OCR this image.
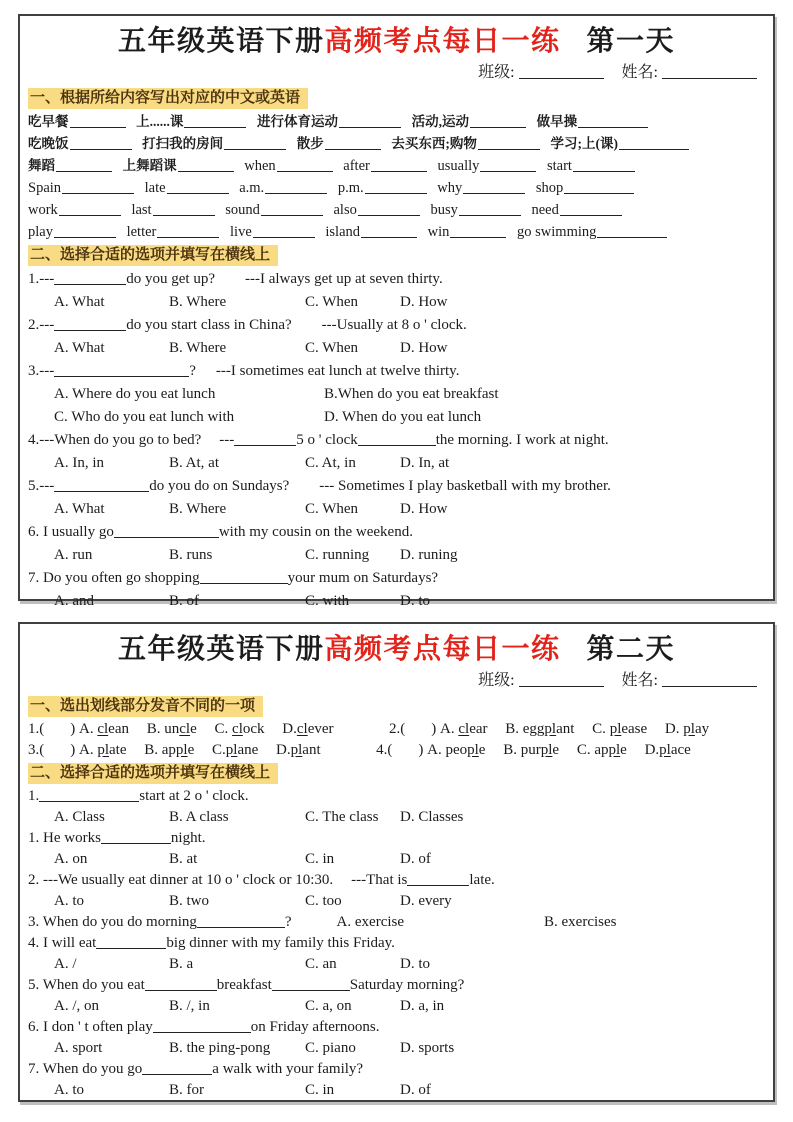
五年级英语下册高频考点每日一练 第一天
班级:	姓名:
一、根据所给内容写出对应的中文或英语
吃早餐	上......课	进行体育运动	活动,运动	做早操
吃晚饭	打扫我的房间	散步	去买东西;购物	学习;上(课)
舞蹈	上舞蹈课	when	after	usually	start
Spain	late	a.m.	p.m.	why	shop
work	last	sound	also	busy	need
play	letter	live	island	win	go swimming
二、选择合适的选项并填写在横线上
1.---	do you get up? ---I always get up at seven thirty.
A. What	B. Where	C. When	D. How
2.---	do you start class in China? ---Usually at 8 o ' clock.
A. What	B. Where	C. When	D. How
3.---	? ---I sometimes eat lunch at twelve thirty.
A. Where do you eat lunch	B.When do you eat breakfast
C. Who do you eat lunch with	D. When do you eat lunch
4.---When do you go to bed? ---	5 o ' clock	the morning. I work at night.
A. In, in	B. At, at	C. At, in	D. In, at
5.---	do you do on Sundays? --- Sometimes I play basketball with my brother.
A. What	B. Where	C. When	D. How
6. I usually go	with my cousin on the weekend.
A. run	B. runs	C. running D. runing
7. Do you often go shopping	your mum on Saturdays?
A. and	B. of	C. with	D. to
五年级英语下册高频考点每日一练 第二天
班级:	姓名:
一、选出划线部分发音不同的一项
1.( ) A. clean B. uncle C. clock D.clever	2.( ) A. clear B. eggplant C. please D. play
3.( ) A. plate B. apple C.plane D.plant	4.( ) A. people B. purple C. apple D.place
二、选择合适的选项并填写在横线上
1.	start at 2 o ' clock.
A. Class	B. A class	C. The class D. Classes
1. He works	night.
A. on	B. at	C. in	D. of
2. ---We usually eat dinner at 10 o ' clock or 10:30. ---That is	late.
A. to	B. two	C. too	D. every
3. When do you do morning	?	A. exercise	B. exercises
4. I will eat	big dinner with my family this Friday.
A. /	B. a	C. an	D. to
5. When do you eat	breakfast	Saturday morning?
A. /, on	B. /, in	C. a, on	D. a, in
6. I don ' t often play	on Friday afternoons.
A. sport	B. the ping-pong C. piano	D. sports
7. When do you go	a walk with your family?
A. to	B. for	C. in	D. of
